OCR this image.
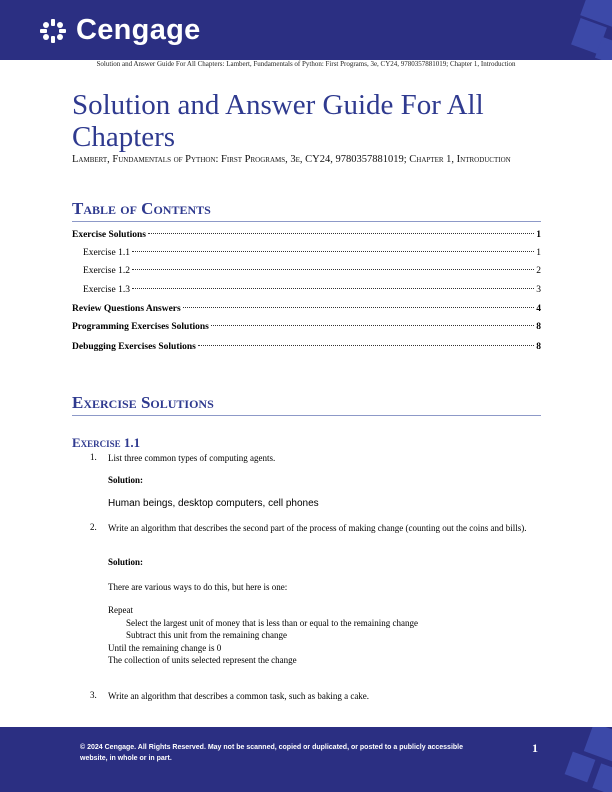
Cengage
Solution and Answer Guide For All Chapters: Lambert, Fundamentals of Python: First Programs, 3e, CY24, 9780357881019; Chapter 1, Introduction
Solution and Answer Guide For All Chapters
Lambert, Fundamentals of Python: First Programs, 3e, CY24, 9780357881019; Chapter 1, Introduction
Table of Contents
Exercise Solutions	1
Exercise 1.1	1
Exercise 1.2	2
Exercise 1.3	3
Review Questions Answers	4
Programming Exercises Solutions	8
Debugging Exercises Solutions	8
Exercise Solutions
Exercise 1.1
1. List three common types of computing agents.
Solution:
Human beings, desktop computers, cell phones
2. Write an algorithm that describes the second part of the process of making change (counting out the coins and bills).
Solution:
There are various ways to do this, but here is one:
Repeat
Select the largest unit of money that is less than or equal to the remaining change
Subtract this unit from the remaining change
Until the remaining change is 0
The collection of units selected represent the change
3. Write an algorithm that describes a common task, such as baking a cake.
© 2024 Cengage. All Rights Reserved. May not be scanned, copied or duplicated, or posted to a publicly accessible website, in whole or in part.
1
